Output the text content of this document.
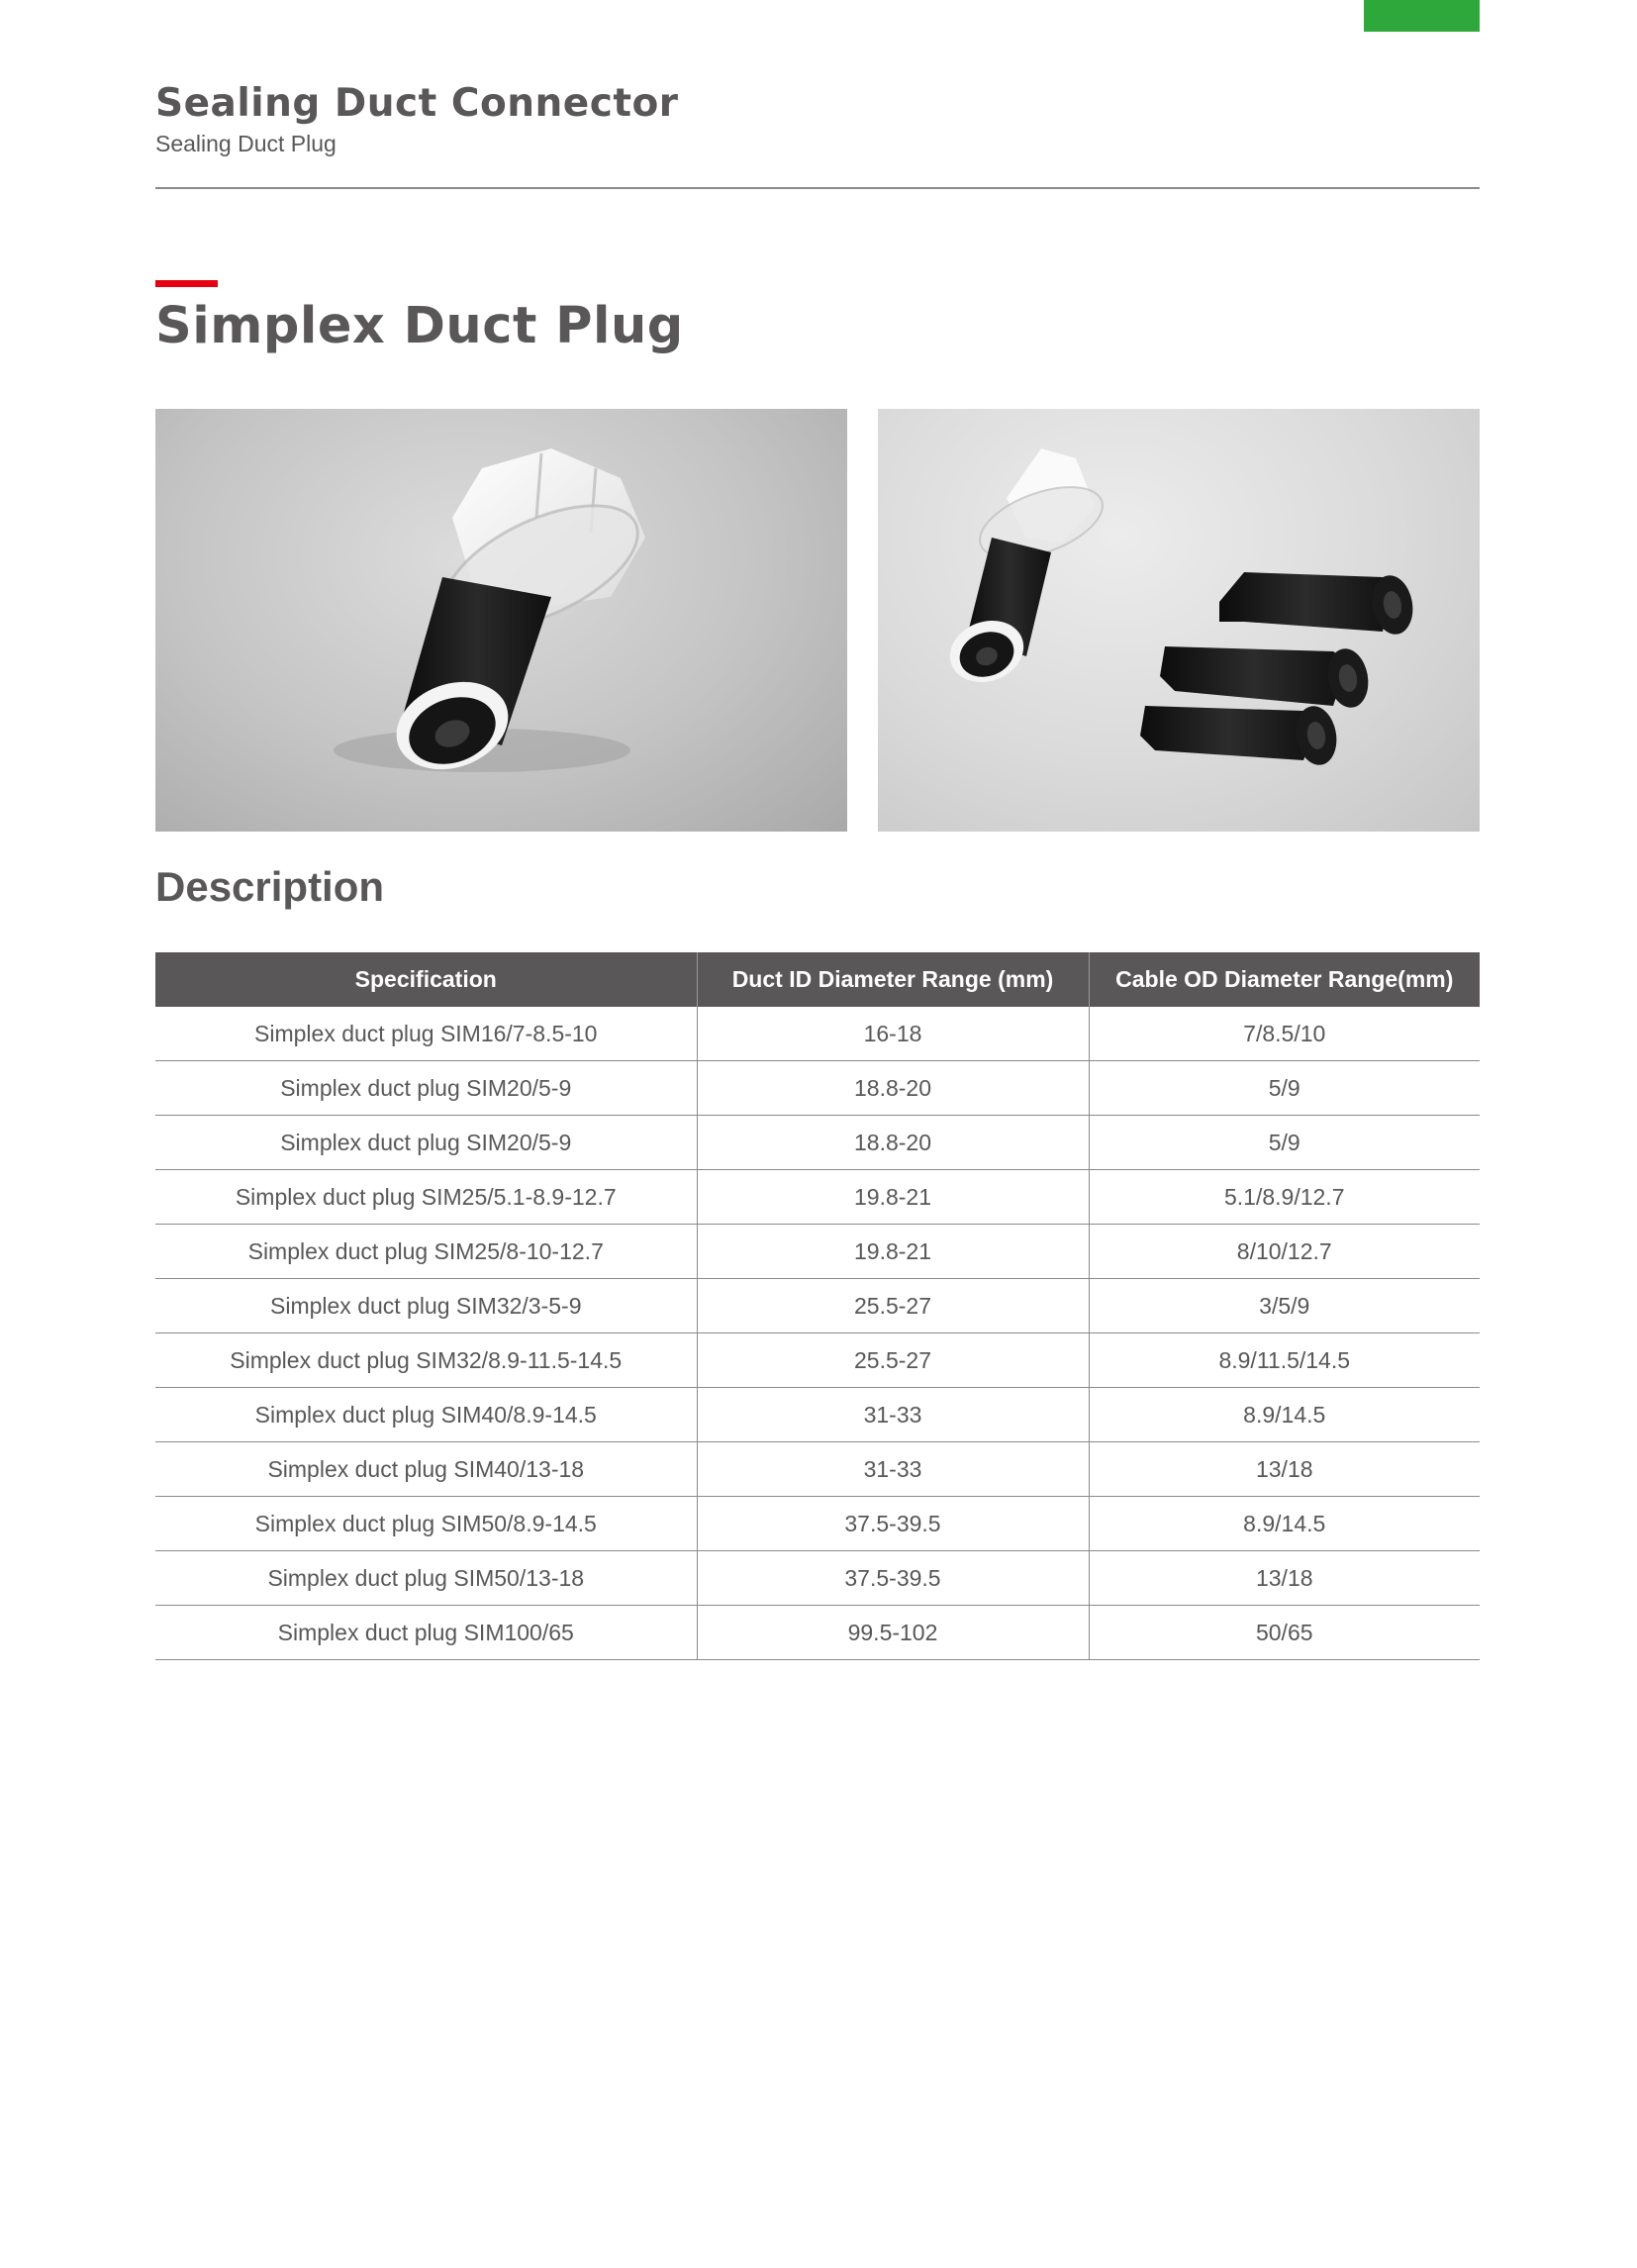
Sealing Duct Connector
Sealing Duct Plug
Simplex Duct Plug
Description
Specification	Duct ID Diameter Range (mm)	Cable OD Diameter Range(mm)
Simplex duct plug SIM16/7-8.5-10	16-18	7/8.5/10
Simplex duct plug SIM20/5-9	18.8-20	5/9
Simplex duct plug SIM20/5-9	18.8-20	5/9
Simplex duct plug SIM25/5.1-8.9-12.7	19.8-21	5.1/8.9/12.7
Simplex duct plug SIM25/8-10-12.7	19.8-21	8/10/12.7
Simplex duct plug SIM32/3-5-9	25.5-27	3/5/9
Simplex duct plug SIM32/8.9-11.5-14.5	25.5-27	8.9/11.5/14.5
Simplex duct plug SIM40/8.9-14.5	31-33	8.9/14.5
Simplex duct plug SIM40/13-18	31-33	13/18
Simplex duct plug SIM50/8.9-14.5	37.5-39.5	8.9/14.5
Simplex duct plug SIM50/13-18	37.5-39.5	13/18
Simplex duct plug SIM100/65	99.5-102	50/65
